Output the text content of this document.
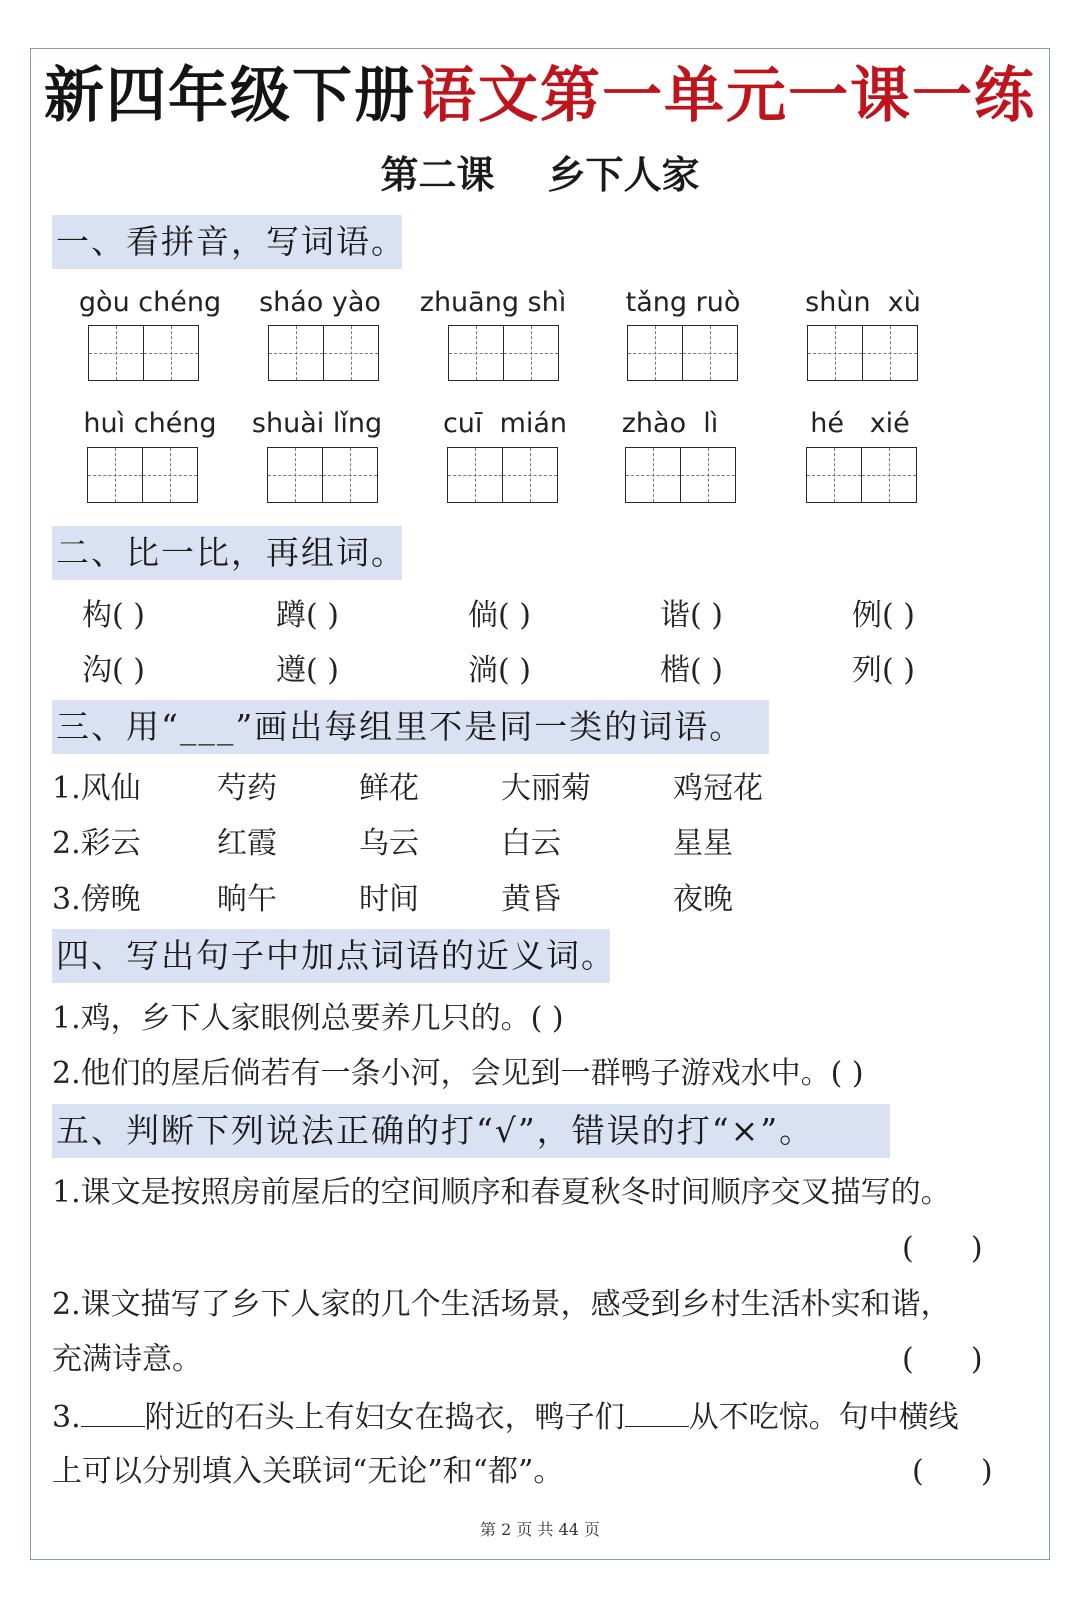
新四年级下册语文第一单元一课一练
第二课    乡下人家
一、看拼音，写词语。
gòu chéng	sháo yào	zhuāng shì	tǎng ruò	shùn  xù
huì chéng	shuài lǐng	cuī  mián	zhào  lì	hé   xié
二、比一比，再组词。
构( )	蹲( )	倘( )	谐( )	例( )
沟( )	遵( )	淌( )	楷( )	列( )
三、用“___”画出每组里不是同一类的词语。
1.风仙	芍药	鲜花	大丽菊	鸡冠花
2.彩云	红霞	乌云	白云	星星
3.傍晚	晌午	时间	黄昏	夜晚
四、写出句子中加点词语的近义词。
1.鸡，乡下人家眼例总要养几只的。( )
2.他们的屋后倘若有一条小河，会见到一群鸭子游戏水中。( )
五、判断下列说法正确的打“√”，错误的打“×”。
1.课文是按照房前屋后的空间顺序和春夏秋冬时间顺序交叉描写的。
(      )
2.课文描写了乡下人家的几个生活场景，感受到乡村生活朴实和谐，
充满诗意。	(      )
3. 附近的石头上有妇女在捣衣，鸭子们 从不吃惊。句中横线
上可以分别填入关联词“无论”和“都”。	(      )
第 2 页 共 44 页
